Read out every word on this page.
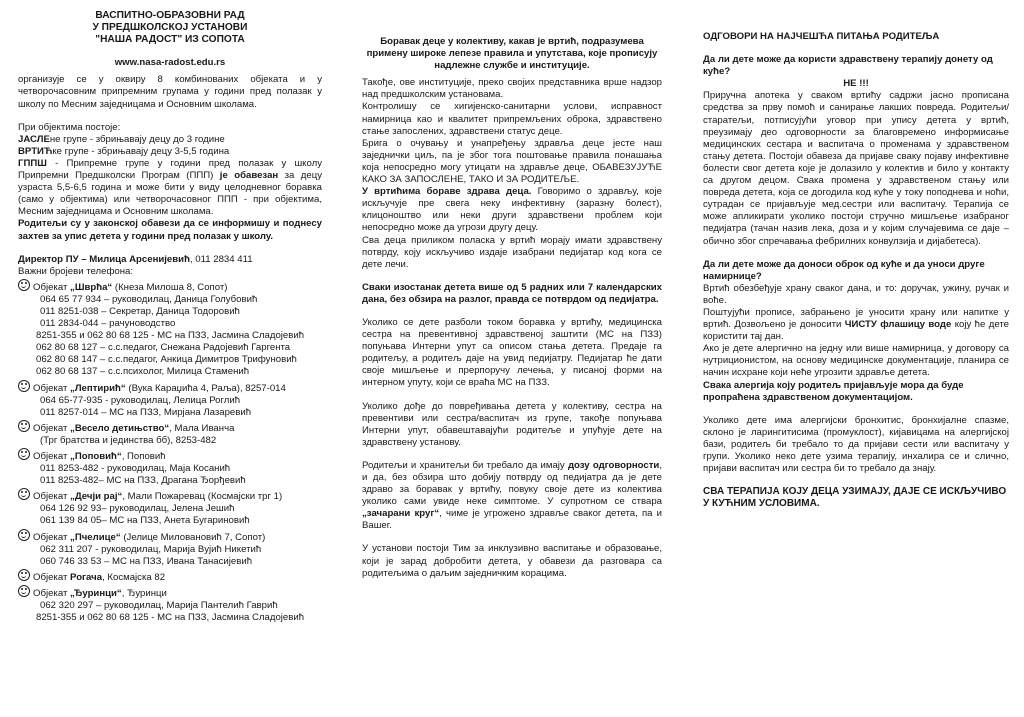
ВАСПИТНО-ОБРАЗОВНИ РАД

У ПРЕДШКОЛСКОЈ УСТАНОВИ

"НАША РАДОСТ" ИЗ СОПОТА

www.nasa-radost.edu.rs

организује се у оквиру 8 комбинованих објеката и у четворочасовним припремним групама у години пред полазак у школу по Месним заједницама и Основним школама.

При објектима постоје:

ЈАСЛЕне групе - збрињавају децу до 3 године

ВРТИЋке групе - збрињавају децу 3-5,5 година

ГППШ - Припремне групе у години пред полазак у школу Припремни Предшколски Програм (ППП) је обавезан за децу узраста 5,5-6,5 година и може бити у виду целодневног боравка (само у објектима) или четворочасовног ППП - при објектима, Месним заједницама и Основним школама.

Родитељи су у законској обавези да се информишу и поднесу захтев за упис детета у години пред полазак у школу.

Директор ПУ – Милица Арсенијевић, 011 2834 411

Важни бројеви телефона:

Објекат „Шврћа“ (Кнеза Милоша 8, Сопот)
064 65 77 934 – руководилац, Даница Голубовић
011 8251-038 – Секретар, Даница Тодоровић
011 2834-044 – рачуноводство
8251-355 и 062 80 68 125 - МС на ПЗЗ, Јасмина Сладојевић
062 80 68 127 – с.с.педагог, Снежана Радојевић Гаргента
062 80 68 147 – с.с.педагог, Анкица Димитров Трифуновић
062 80 68 137 – с.с.психолог, Милица Стаменић
Објекат „Лептирић“ (Вука Караџића 4, Раља), 8257-014
064 65-77-935 - руководилац, Лелица Роглић
011 8257-014 – МС на ПЗЗ, Мирјана Лазаревић
Објекат „Весело детињство“, Мала Иванча
(Трг братства и јединства бб), 8253-482
Објекат „Поповић“, Поповић
011 8253-482 - руководилац, Маја Косанић
011 8253-482– МС на ПЗЗ, Драгана Ђорђевић
Објекат „Дечји рај“, Мали Пожаревац (Космајски трг 1)
064 126 92 93– руководилац, Јелена Јешић
061 139 84 05– МС на ПЗЗ, Анета Бугариновић
Објекат „Пчелице“ (Јелице Миловановић 7, Сопот)
062 311 207 - руководилац, Марија Вујић Никетић
060 746 33 53 – МС на ПЗЗ, Ивана Танасијевић
Објекат Рогача, Космајска 82
Објекат „Ђуринци“, Ђуринци
062 320 297 – руководилац, Марија Пантелић Гаврић
8251-355 и 062 80 68 125 - МС на ПЗЗ, Јасмина Сладојевић

Боравак деце у колективу, какав је вртић, подразумева примену широке лепезе правила и упутстава, које прописују надлежне службе и институције.

Такође, ове институције, преко својих представника врше надзор над предшколским установама.

Контролишу се хигијенско-санитарни услови, исправност намирница као и квалитет припремљених оброка, здравствено стање запослених, здравствени статус деце.

Брига о очувању и унапређењу здравља деце јесте наш заједнички циљ, па је због тога поштовање правила понашања која непосредно могу утицати на здравље деце, ОБАВЕЗУЈУЋЕ КАКО ЗА ЗАПОСЛЕНЕ, ТАКО И ЗА РОДИТЕЉЕ.

У вртићима бораве здрава деца. Говоримо о здрављу, које искључује пре свега неку инфективну (заразну болест), клицоноштво или неки други здравствени проблем који непосредно може да угрози другу децу.

Сва деца приликом поласка у вртић морају имати здравствену потврду, коју искључиво издаје изабрани педијатар код кога се дете лечи.

Сваки изостанак детета више од 5 радних или 7 календарских дана, без обзира на разлог, правда се потврдом од педијатра.

Уколико се дете разболи током боравка у вртићу, медицинска сестра на превентивној здравственој заштити (МС на ПЗЗ) попуњава Интерни упут са описом стања детета. Предаје га родитељу, а родитељ даје на увид педијатру. Педијатар ће дати своје мишљење и прерпоручу лечења, у писаној форми на интерном упуту, који се враћа МС на ПЗЗ.

Уколико дође до повређивања детета у колективу, сестра на превентиви или сестра/васпитач из групе, такође попуњава Интерни упут, обавештавајући родитеље и упућује дете на здравствену установу.

Родитељи и хранитељи би требало да имају дозу одговорности, и да, без обзира што добију потврду од педијатра да је дете здраво за боравак у вртићу, повуку своје дете из колектива уколико сами увиде неке симптоме. У супротном се ствара „зачарани круг“, чиме је угрожено здравље сваког детета, па и Вашег.

У установи постоји Тим за инклузивно васпитање и образовање, који је зарад добробити детета, у обавези да разговара са родитељима о даљим заједничким корацима.

ОДГОВОРИ НА НАЈЧЕШЋА ПИТАЊА РОДИТЕЉА

Да ли дете може да користи здравствену терапију донету од куће?

НЕ !!!

Приручна апотека у сваком вртићу садржи јасно прописана средства за прву помоћ и санирање лакших повреда. Родитељи/старатељи, потписујући уговор при упису детета у вртић, преузимају део одговорности за благовремено информисање медицинских сестара и васпитача о променама у здравственом стању детета. Постоји обавеза да пријаве сваку појаву инфективне болести свог детета које је долазило у колектив и било у контакту са другом децом. Свака промена у здравственом стању или повреда детета, која се догодила код куће у току поподнева и ноћи, сутрадан се пријављује мед.сестри или васпитачу. Терапија се може апликирати уколико постоји стручно мишљење изабраног педијатра (тачан назив лека, доза и у којим случајевима се даје – обично због спречавања фебрилних конвулзија и дијабетеса).

Да ли дете може да доноси оброк од куће и да уноси друге намирнице?

Вртић обезбеђује храну сваког дана, и то: доручак, ужину, ручак и воће.

Поштујући прописе, забрањено је уносити храну или напитке у вртић. Дозвољено је доносити ЧИСТУ флашицу воде коју ће дете користити тај дан.

Ако је дете алергично на једну или више намирница, у договору са нутриционистом, на основу медицинске документације, планира се начин исхране који неће угрозити здравље детета.

Свака алергија коју родитељ пријављује мора да буде пропраћена здравственом документацијом.

Уколико дете има алергијски бронхитис, бронхијалне спазме, склоно је ларингитисима (промуклост), кијавицама на алергијској бази, родитељ би требало то да пријави сести или васпитачу у групи. Уколико неко дете узима терапију, инхалира се и слично, пријави васпитач или сестра би то требало да знају.

СВА ТЕРАПИЈА КОЈУ ДЕЦА УЗИМАЈУ, ДАЈЕ СЕ ИСКЉУЧИВО У КУЋНИМ УСЛОВИМА.
